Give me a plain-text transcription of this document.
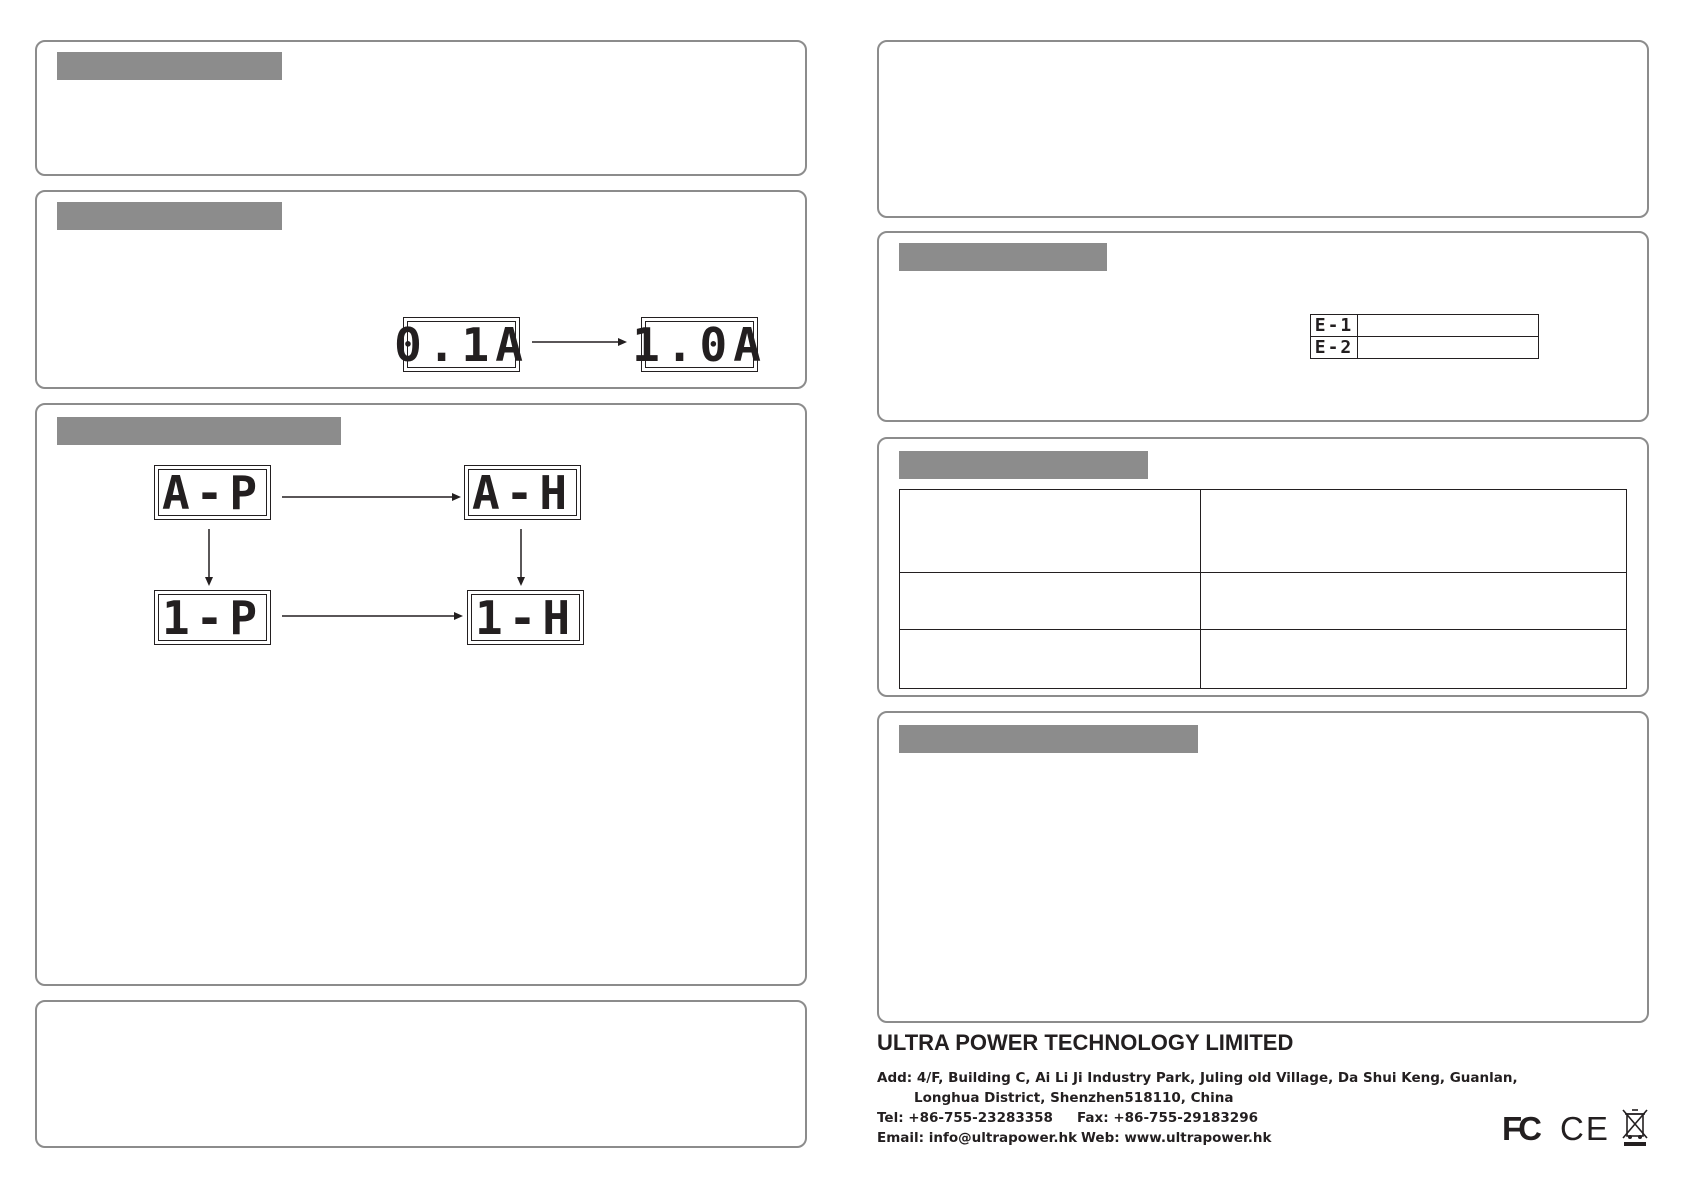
0.1A 1.0A
A-P	A-H
1-P	1-H
E-1	
E-2	

ULTRA POWER TECHNOLOGY LIMITED
Add: 4/F, Building C, Ai Li Ji Industry Park, Juling old Village, Da Shui Keng, Guanlan,
Longhua District, Shenzhen518110, China
Tel: +86-755-23283358 Fax: +86-755-29183296
Email: info@ultrapower.hk Web: www.ultrapower.hk	FC CE
